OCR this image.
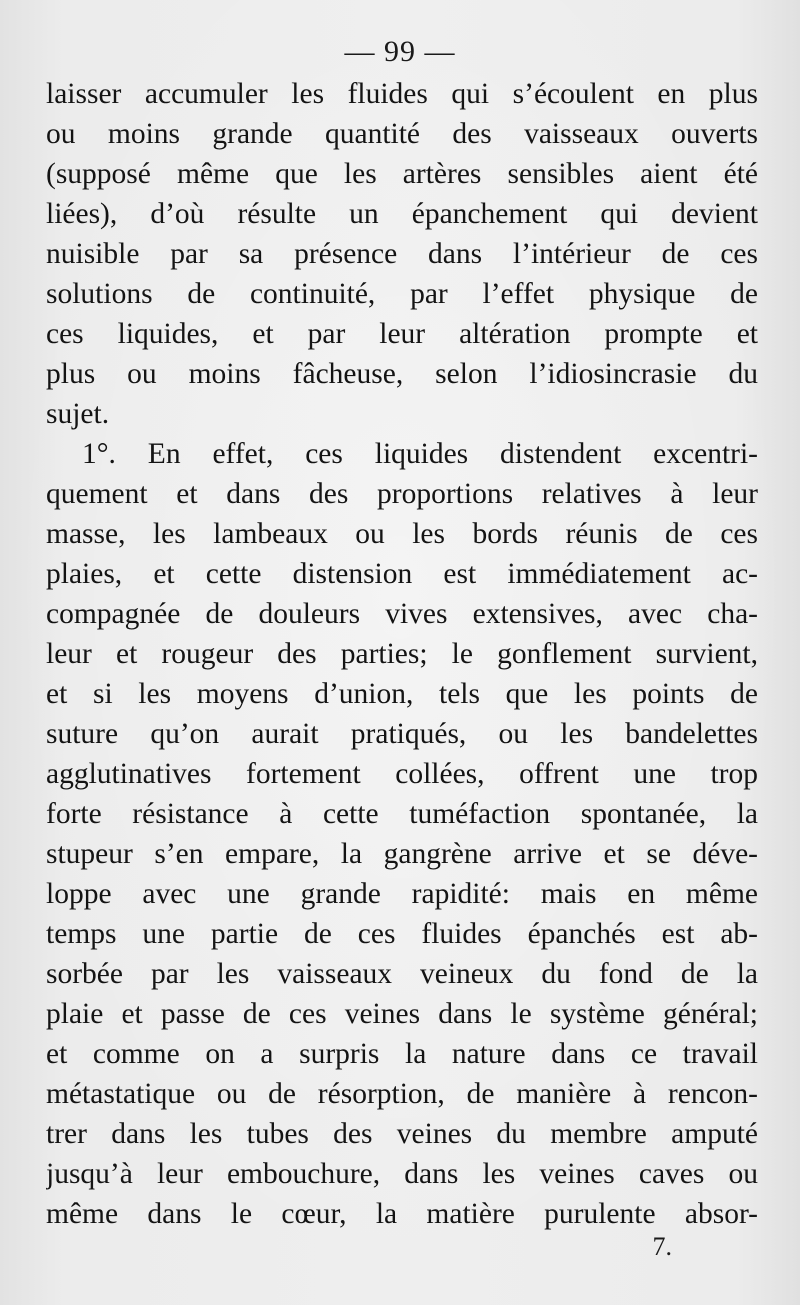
— 99 —
laisser accumuler les fluides qui s’écoulent en plus
ou moins grande quantité des vaisseaux ouverts
(supposé même que les artères sensibles aient été
liées), d’où résulte un épanchement qui devient
nuisible par sa présence dans l’intérieur de ces
solutions de continuité, par l’effet physique de
ces liquides, et par leur altération prompte et
plus ou moins fâcheuse, selon l’idiosincrasie du
sujet.
1°. En effet, ces liquides distendent excentri-
quement et dans des proportions relatives à leur
masse, les lambeaux ou les bords réunis de ces
plaies, et cette distension est immédiatement ac-
compagnée de douleurs vives extensives, avec cha-
leur et rougeur des parties; le gonflement survient,
et si les moyens d’union, tels que les points de
suture qu’on aurait pratiqués, ou les bandelettes
agglutinatives fortement collées, offrent une trop
forte résistance à cette tuméfaction spontanée, la
stupeur s’en empare, la gangrène arrive et se déve-
loppe avec une grande rapidité: mais en même
temps une partie de ces fluides épanchés est ab-
sorbée par les vaisseaux veineux du fond de la
plaie et passe de ces veines dans le système général;
et comme on a surpris la nature dans ce travail
métastatique ou de résorption, de manière à rencon-
trer dans les tubes des veines du membre amputé
jusqu’à leur embouchure, dans les veines caves ou
même dans le cœur, la matière purulente absor-
7.
